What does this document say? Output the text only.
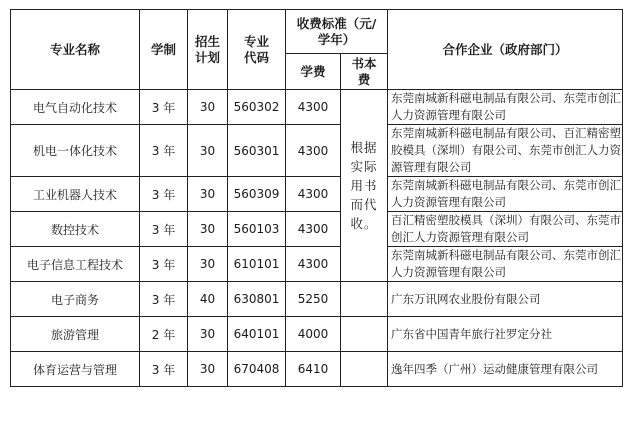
专业名称	学制	招生计划	专业代码	收费标准（元/学年）		合作企业（政府部门）
				学费	书本费	
电气自动化技术	3 年	30	560302	4300	根据实际用书而代收。	东莞南城新科磁电制品有限公司、东莞市创汇人力资源管理有限公司
机电一体化技术	3 年	30	560301	4300		东莞南城新科磁电制品有限公司、百汇精密塑胶模具（深圳）有限公司、东莞市创汇人力资源管理有限公司
工业机器人技术	3 年	30	560309	4300		东莞南城新科磁电制品有限公司、东莞市创汇人力资源管理有限公司
数控技术	3 年	30	560103	4300		百汇精密塑胶模具（深圳）有限公司、东莞市创汇人力资源管理有限公司
电子信息工程技术	3 年	30	610101	4300		东莞南城新科磁电制品有限公司、东莞市创汇人力资源管理有限公司
电子商务	3 年	40	630801	5250		广东万讯网农业股份有限公司
旅游管理	2 年	30	640101	4000		广东省中国青年旅行社罗定分社
体育运营与管理	3 年	30	670408	6410		逸年四季（广州）运动健康管理有限公司
